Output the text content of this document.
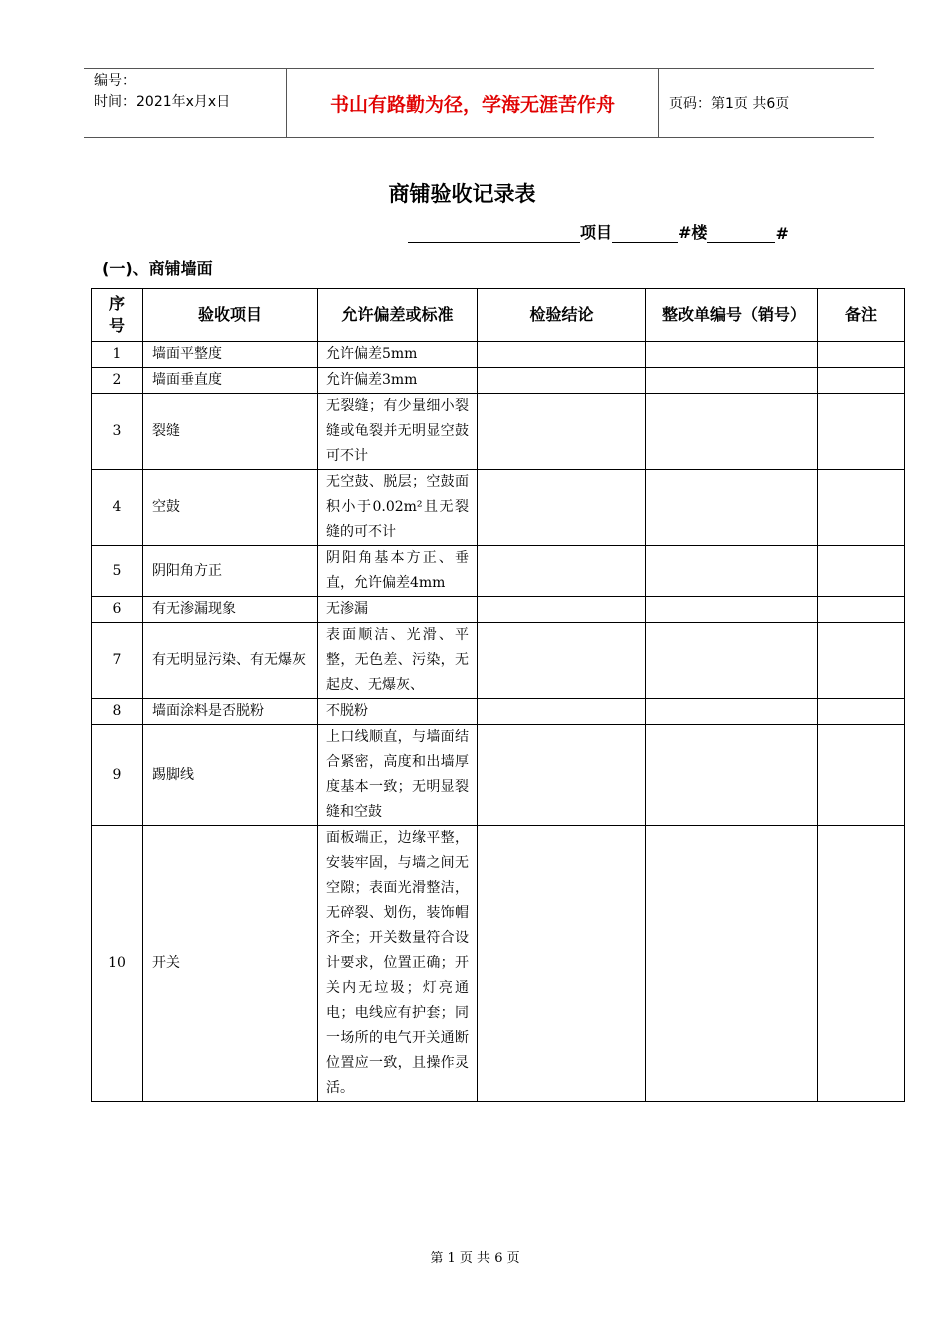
编号：
时间：2021年x月x日	书山有路勤为径，学海无涯苦作舟	页码：第1页 共6页
商铺验收记录表
项目	#楼	#
(一)、商铺墙面
序号	验收项目	允许偏差或标准	检验结论	整改单编号（销号）	备注
1	墙面平整度	允许偏差5mm			
2	墙面垂直度	允许偏差3mm			
3	裂缝	无裂缝；有少量细小裂缝或龟裂并无明显空鼓可不计			
4	空鼓	无空鼓、脱层；空鼓面积小于0.02m²且无裂缝的可不计			
5	阴阳角方正	阴阳角基本方正、垂直，允许偏差4mm			
6	有无渗漏现象	无渗漏			
7	有无明显污染、有无爆灰	表面顺洁、光滑、平整，无色差、污染，无起皮、无爆灰、			
8	墙面涂料是否脱粉	不脱粉			
9	踢脚线	上口线顺直，与墙面结合紧密，高度和出墙厚度基本一致；无明显裂缝和空鼓			
10	开关	面板端正，边缘平整，安装牢固，与墙之间无空隙；表面光滑整洁，无碎裂、划伤，装饰帽齐全；开关数量符合设计要求，位置正确；开关内无垃圾；灯亮通电；电线应有护套；同一场所的电气开关通断位置应一致，且操作灵活。			
第 1 页 共 6 页
